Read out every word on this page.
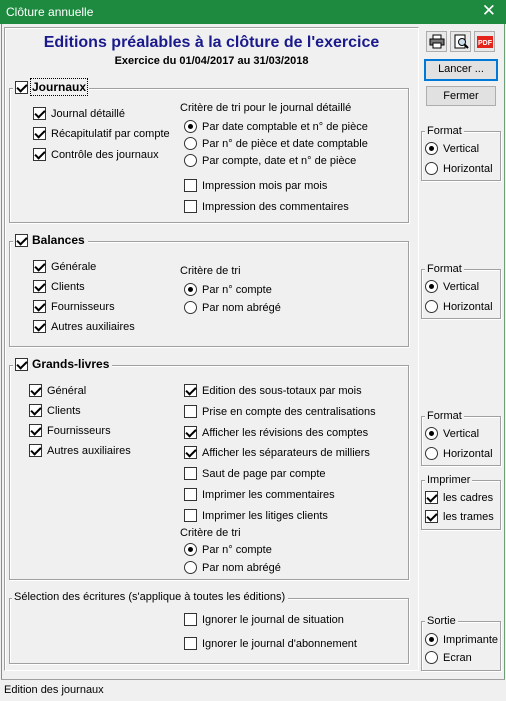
Clôture annuelle	✕
Editions préalables à la clôture de l'exercice
Exercice du 01/04/2017 au 31/03/2018
Journaux
Journal détaillé
Récapitulatif par compte
Contrôle des journaux
Critère de tri pour le journal détaillé
Par date comptable et n° de pièce
Par n° de pièce et date comptable
Par compte, date et n° de pièce
Impression mois par mois
Impression des commentaires
Balances
Générale
Clients
Fournisseurs
Autres auxiliaires
Critère de tri
Par n° compte
Par nom abrégé
Grands-livres
Général
Clients
Fournisseurs
Autres auxiliaires
Edition des sous-totaux par mois
Prise en compte des centralisations
Afficher les révisions des comptes
Afficher les séparateurs de milliers
Saut de page par compte
Imprimer les commentaires
Imprimer les litiges clients
Critère de tri
Par n° compte
Par nom abrégé
Sélection des écritures (s'applique à toutes les éditions)
Ignorer le journal de situation
Ignorer le journal d'abonnement
PDF
Lancer ...
Fermer
Format
Vertical
Horizontal
Format
Vertical
Horizontal
Format
Vertical
Horizontal
Imprimer
les cadres
les trames
Sortie
Imprimante
Ecran
Edition des journaux
